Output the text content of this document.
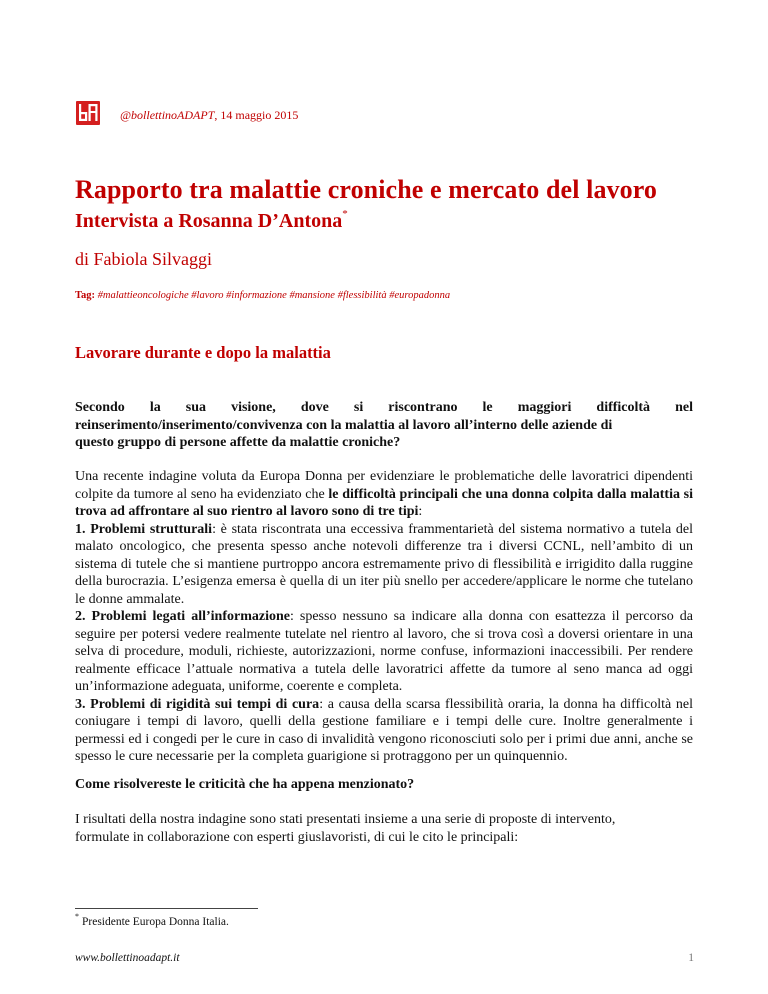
@bollettinoADAPT, 14 maggio 2015
Rapporto tra malattie croniche e mercato del lavoro
Intervista a Rosanna D’Antona*
di Fabiola Silvaggi
Tag: #malattieoncologiche #lavoro #informazione #mansione #flessibilità #europadonna
Lavorare durante e dopo la malattia
Secondo la sua visione, dove si riscontrano le maggiori difficoltà nel
reinserimento/inserimento/convivenza con la malattia al lavoro all’interno delle aziende di
questo gruppo di persone affette da malattie croniche?
Una recente indagine voluta da Europa Donna per evidenziare le problematiche delle lavoratrici dipendenti colpite da tumore al seno ha evidenziato che le difficoltà principali che una donna colpita dalla malattia si trova ad affrontare al suo rientro al lavoro sono di tre tipi:
1. Problemi strutturali: è stata riscontrata una eccessiva frammentarietà del sistema normativo a tutela del malato oncologico, che presenta spesso anche notevoli differenze tra i diversi CCNL, nell’ambito di un sistema di tutele che si mantiene purtroppo ancora estremamente privo di flessibilità e irrigidito dalla ruggine della burocrazia. L’esigenza emersa è quella di un iter più snello per accedere/applicare le norme che tutelano le donne ammalate.
2. Problemi legati all’informazione: spesso nessuno sa indicare alla donna con esattezza il percorso da seguire per potersi vedere realmente tutelate nel rientro al lavoro, che si trova così a doversi orientare in una selva di procedure, moduli, richieste, autorizzazioni, norme confuse, informazioni inaccessibili. Per rendere realmente efficace l’attuale normativa a tutela delle lavoratrici affette da tumore al seno manca ad oggi un’informazione adeguata, uniforme, coerente e completa.
3. Problemi di rigidità sui tempi di cura: a causa della scarsa flessibilità oraria, la donna ha difficoltà nel coniugare i tempi di lavoro, quelli della gestione familiare e i tempi delle cure. Inoltre generalmente i permessi ed i congedi per le cure in caso di invalidità vengono riconosciuti solo per i primi due anni, anche se spesso le cure necessarie per la completa guarigione si protraggono per un quinquennio.
Come risolvereste le criticità che ha appena menzionato?
I risultati della nostra indagine sono stati presentati insieme a una serie di proposte di intervento,
formulate in collaborazione con esperti giuslavoristi, di cui le cito le principali:
* Presidente Europa Donna Italia.
www.bollettinoadapt.it	1
